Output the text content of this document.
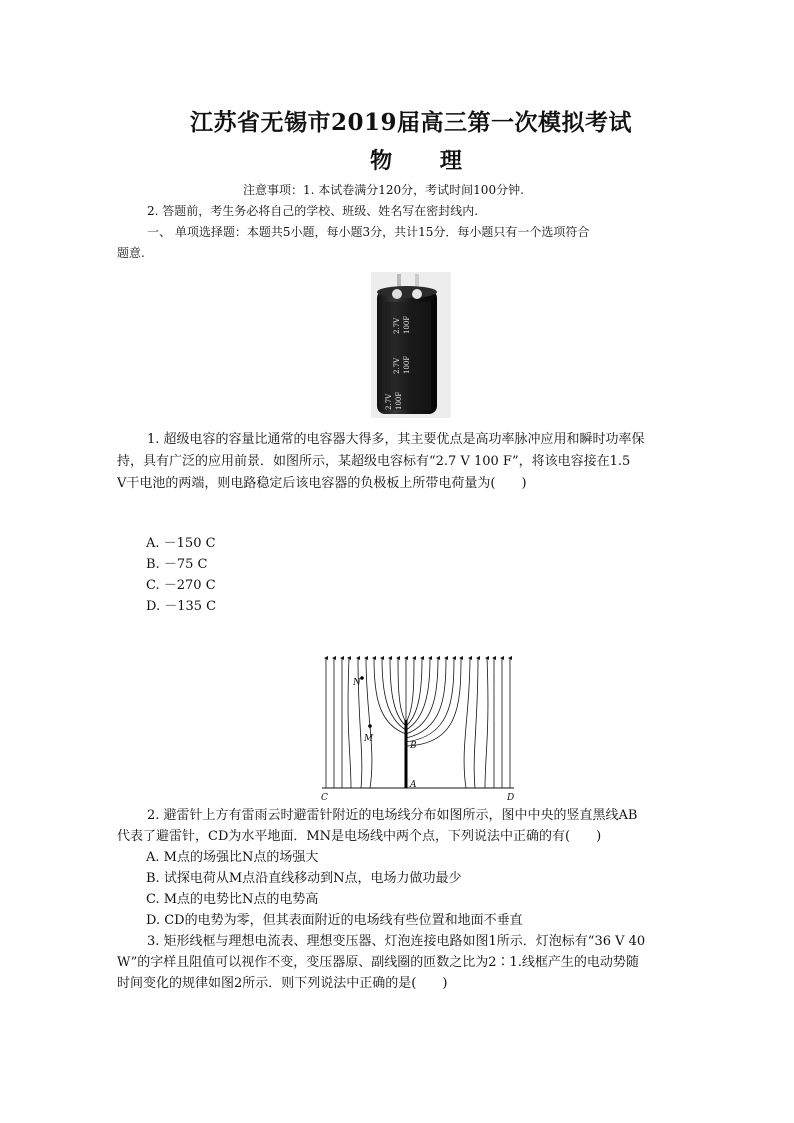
江苏省无锡市2019届高三第一次模拟考试
物 理
注意事项：1. 本试卷满分120分，考试时间100分钟.
2. 答题前，考生务必将自己的学校、班级、姓名写在密封线内.
一、 单项选择题：本题共5小题，每小题3分，共计15分．每小题只有一个选项符合
题意.
2.7V 100F
2.7V 100F
2.7V 100F
1. 超级电容的容量比通常的电容器大得多，其主要优点是高功率脉冲应用和瞬时功率保
持，具有广泛的应用前景．如图所示，某超级电容标有“2.7 V 100 F”，将该电容接在1.5
V干电池的两端，则电路稳定后该电容器的负极板上所带电荷量为(　　)
A. －150 C
B. －75 C
C. －270 C
D. －135 C
N
M
B
A
C	D
2. 避雷针上方有雷雨云时避雷针附近的电场线分布如图所示，图中中央的竖直黑线AB
代表了避雷针，CD为水平地面．MN是电场线中两个点，下列说法中正确的有(　　)
A. M点的场强比N点的场强大
B. 试探电荷从M点沿直线移动到N点，电场力做功最少
C. M点的电势比N点的电势高
D. CD的电势为零，但其表面附近的电场线有些位置和地面不垂直
3. 矩形线框与理想电流表、理想变压器、灯泡连接电路如图1所示．灯泡标有“36 V 40
W”的字样且阻值可以视作不变，变压器原、副线圈的匝数之比为2∶1.线框产生的电动势随
时间变化的规律如图2所示．则下列说法中正确的是(　　)
